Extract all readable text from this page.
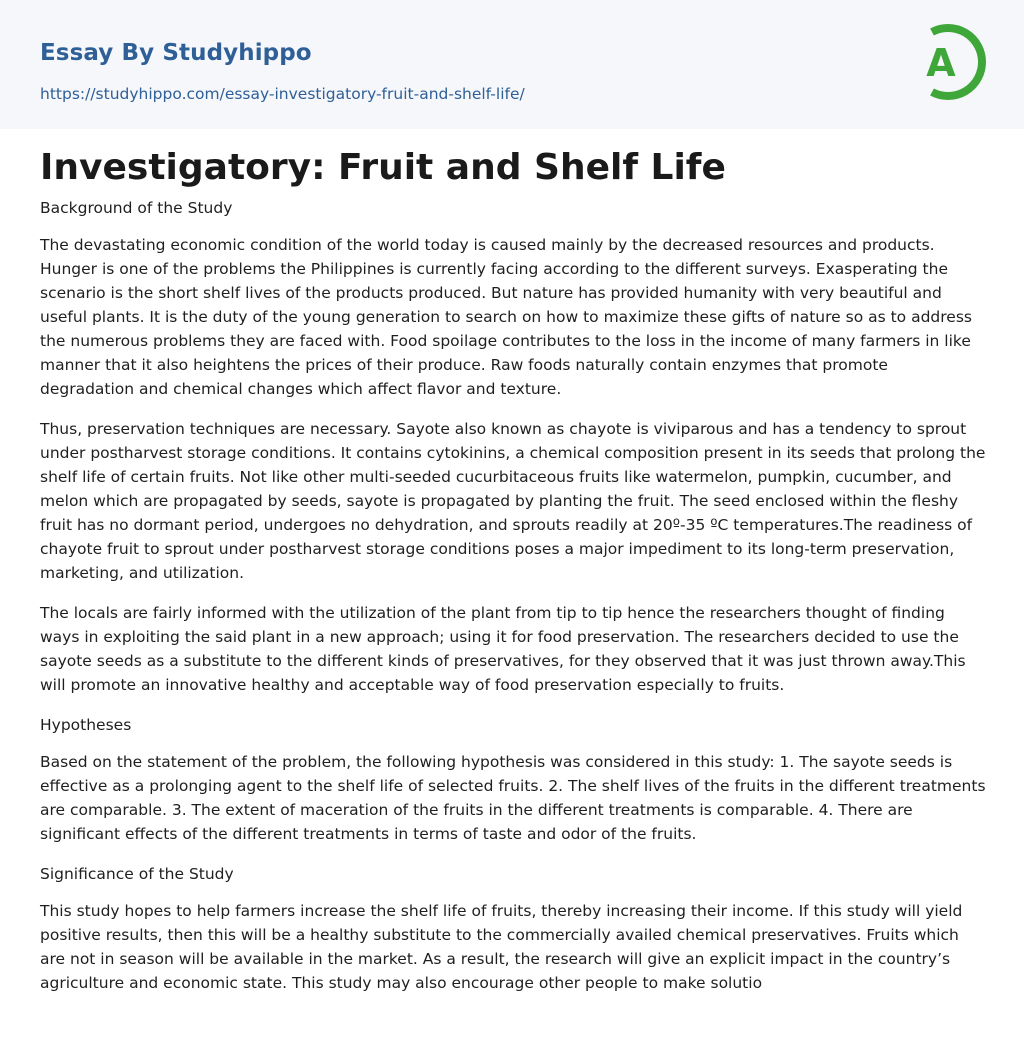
Essay By Studyhippo
https://studyhippo.com/essay-investigatory-fruit-and-shelf-life/
A
Investigatory: Fruit and Shelf Life
Background of the Study

The devastating economic condition of the world today is caused mainly by the decreased resources and products. Hunger is one of the problems the Philippines is currently facing according to the different surveys. Exasperating the scenario is the short shelf lives of the products produced. But nature has provided humanity with very beautiful and useful plants. It is the duty of the young generation to search on how to maximize these gifts of nature so as to address the numerous problems they are faced with. Food spoilage contributes to the loss in the income of many farmers in like manner that it also heightens the prices of their produce. Raw foods naturally contain enzymes that promote degradation and chemical changes which affect flavor and texture.

Thus, preservation techniques are necessary. Sayote also known as chayote is viviparous and has a tendency to sprout under postharvest storage conditions. It contains cytokinins, a chemical composition present in its seeds that prolong the shelf life of certain fruits. Not like other multi-seeded cucurbitaceous fruits like watermelon, pumpkin, cucumber, and melon which are propagated by seeds, sayote is propagated by planting the fruit. The seed enclosed within the fleshy fruit has no dormant period, undergoes no dehydration, and sprouts readily at 20º-35 ºC temperatures.The readiness of chayote fruit to sprout under postharvest storage conditions poses a major impediment to its long-term preservation, marketing, and utilization.

The locals are fairly informed with the utilization of the plant from tip to tip hence the researchers thought of finding ways in exploiting the said plant in a new approach; using it for food preservation. The researchers decided to use the sayote seeds as a substitute to the different kinds of preservatives, for they observed that it was just thrown away.This will promote an innovative healthy and acceptable way of food preservation especially to fruits.

Hypotheses

Based on the statement of the problem, the following hypothesis was considered in this study: 1. The sayote seeds is effective as a prolonging agent to the shelf life of selected fruits. 2. The shelf lives of the fruits in the different treatments are comparable. 3. The extent of maceration of the fruits in the different treatments is comparable. 4. There are significant effects of the different treatments in terms of taste and odor of the fruits.

Significance of the Study

This study hopes to help farmers increase the shelf life of fruits, thereby increasing their income. If this study will yield positive results, then this will be a healthy substitute to the commercially availed chemical preservatives. Fruits which are not in season will be available in the market. As a result, the research will give an explicit impact in the country’s agriculture and economic state. This study may also encourage other people to make solutio
